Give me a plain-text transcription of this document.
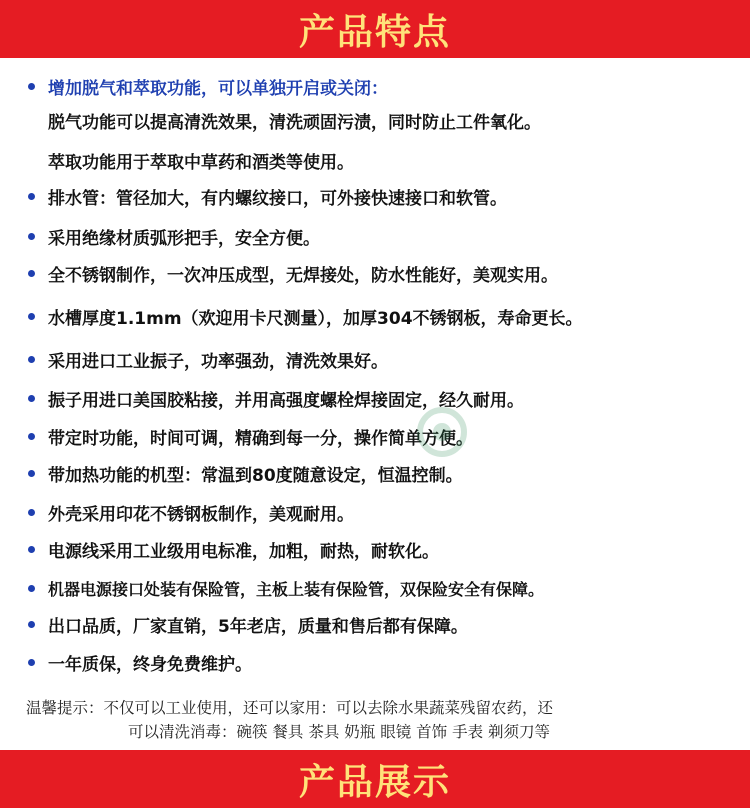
产品特点
增加脱气和萃取功能，可以单独开启或关闭：
脱气功能可以提高清洗效果，清洗顽固污渍，同时防止工件氧化。
萃取功能用于萃取中草药和酒类等使用。
排水管：管径加大，有内螺纹接口，可外接快速接口和软管。
采用绝缘材质弧形把手，安全方便。
全不锈钢制作，一次冲压成型，无焊接处，防水性能好，美观实用。
水槽厚度1.1mm（欢迎用卡尺测量），加厚304不锈钢板，寿命更长。
采用进口工业振子，功率强劲，清洗效果好。
振子用进口美国胶粘接，并用高强度螺栓焊接固定，经久耐用。
带定时功能，时间可调，精确到每一分，操作简单方便。
带加热功能的机型：常温到80度随意设定，恒温控制。
外壳采用印花不锈钢板制作，美观耐用。
电源线采用工业级用电标准，加粗，耐热，耐软化。
机器电源接口处装有保险管，主板上装有保险管，双保险安全有保障。
出口品质，厂家直销，5年老店，质量和售后都有保障。
一年质保，终身免费维护。
温馨提示：不仅可以工业使用，还可以家用：可以去除水果蔬菜残留农药，还
可以清洗消毒：碗筷 餐具 茶具 奶瓶 眼镜 首饰 手表 剃须刀等
产品展示
